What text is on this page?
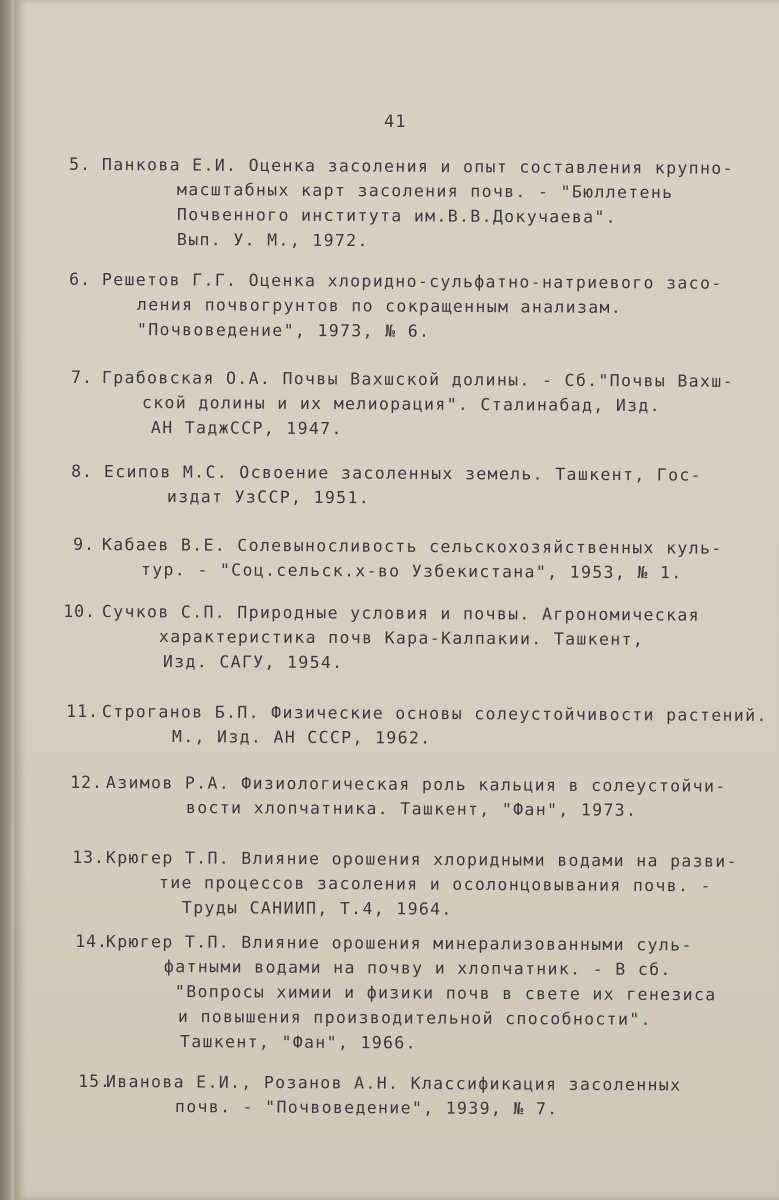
41
5. Панкова Е.И. Оценка засоления и опыт составления крупно-
масштабных карт засоления почв. - "Бюллетень
Почвенного института им.В.В.Докучаева".
Вып. У. М., 1972.
6. Решетов Г.Г. Оценка хлоридно-сульфатно-натриевого засо-
ления почвогрунтов по сокращенным анализам.
"Почвоведение", 1973, № 6.
7. Грабовская О.А. Почвы Вахшской долины. - Сб."Почвы Вахш-
ской долины и их мелиорация". Сталинабад, Изд.
АН ТаджССР, 1947.
8. Есипов М.С. Освоение засоленных земель. Ташкент, Гос-
издат УзССР, 1951.
9. Кабаев В.Е. Солевыносливость сельскохозяйственных куль-
тур. - "Соц.сельск.х-во Узбекистана", 1953, № 1.
10. Сучков С.П. Природные условия и почвы. Агрономическая
характеристика почв Кара-Калпакии. Ташкент,
Изд. САГУ, 1954.
11. Строганов Б.П. Физические основы солеустойчивости растений.
М., Изд. АН СССР, 1962.
12. Азимов Р.А. Физиологическая роль кальция в солеустойчи-
вости хлопчатника. Ташкент, "Фан", 1973.
13. Крюгер Т.П. Влияние орошения хлоридными водами на разви-
тие процессов засоления и осолонцовывания почв. -
Труды САНИИП, Т.4, 1964.
14.
Крюгер Т.П. Влияние орошения минерализованными суль-
фатными водами на почву и хлопчатник. - В сб.
"Вопросы химии и физики почв в свете их генезиса
и повышения производительной способности".
Ташкент, "Фан", 1966.
15.
Иванова Е.И., Розанов А.Н. Классификация засоленных
почв. - "Почвоведение", 1939, № 7.
